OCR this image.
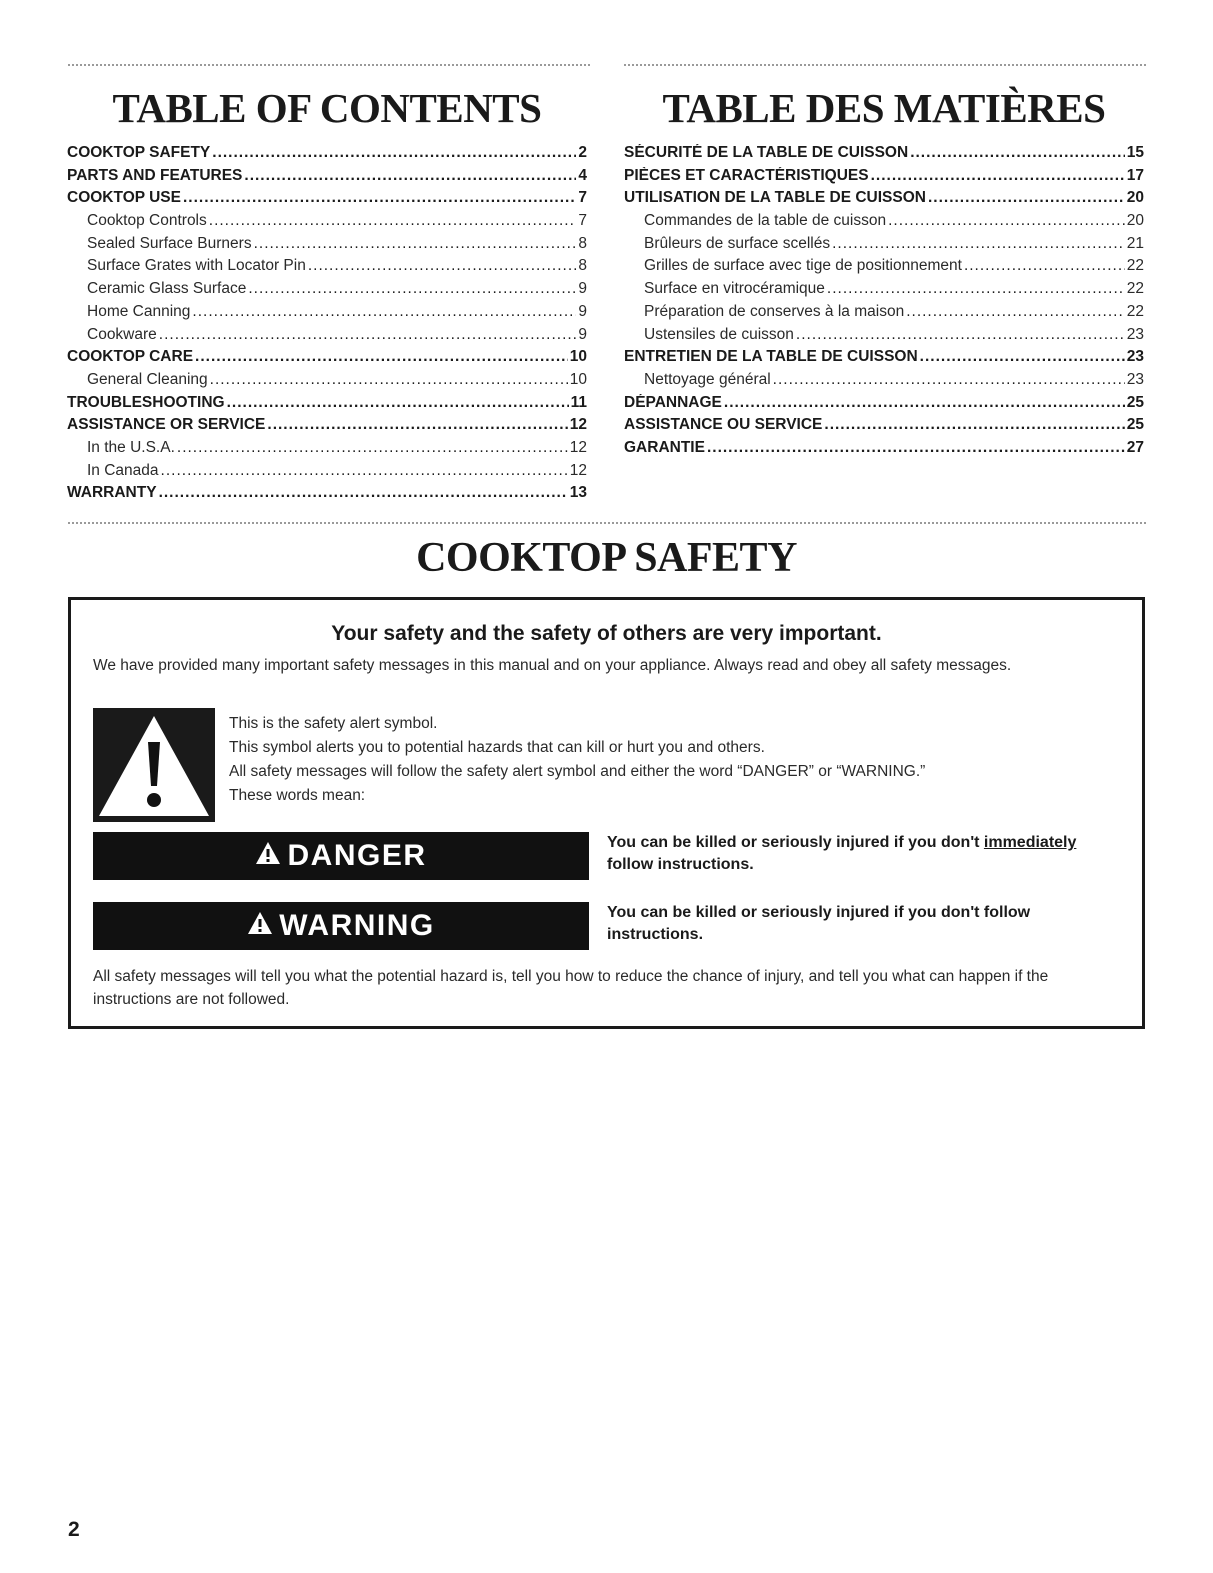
TABLE OF CONTENTS
COOKTOP SAFETY .....	2
PARTS AND FEATURES .....	4
COOKTOP USE .....	7
Cooktop Controls .....	7
Sealed Surface Burners .....	8
Surface Grates with Locator Pin .....	8
Ceramic Glass Surface .....	9
Home Canning .....	9
Cookware .....	9
COOKTOP CARE .....	10
General Cleaning .....	10
TROUBLESHOOTING .....	11
ASSISTANCE OR SERVICE .....	12
In the U.S.A. .....	12
In Canada .....	12
WARRANTY .....	13
TABLE DES MATIÈRES
SÉCURITÉ DE LA TABLE DE CUISSON .....	15
PIÈCES ET CARACTÉRISTIQUES .....	17
UTILISATION DE LA TABLE DE CUISSON .....	20
Commandes de la table de cuisson .....	20
Brûleurs de surface scellés .....	21
Grilles de surface avec tige de positionnement .....	22
Surface en vitrocéramique .....	22
Préparation de conserves à la maison .....	22
Ustensiles de cuisson .....	23
ENTRETIEN DE LA TABLE DE CUISSON .....	23
Nettoyage général .....	23
DÉPANNAGE .....	25
ASSISTANCE OU SERVICE .....	25
GARANTIE .....	27
COOKTOP SAFETY
Your safety and the safety of others are very important.
We have provided many important safety messages in this manual and on your appliance. Always read and obey all safety messages.
This is the safety alert symbol.
This symbol alerts you to potential hazards that can kill or hurt you and others.
All safety messages will follow the safety alert symbol and either the word “DANGER” or “WARNING.”
These words mean:
DANGER	You can be killed or seriously injured if you don't immediately follow instructions.
WARNING	You can be killed or seriously injured if you don't follow instructions.
All safety messages will tell you what the potential hazard is, tell you how to reduce the chance of injury, and tell you what can happen if the instructions are not followed.
2
